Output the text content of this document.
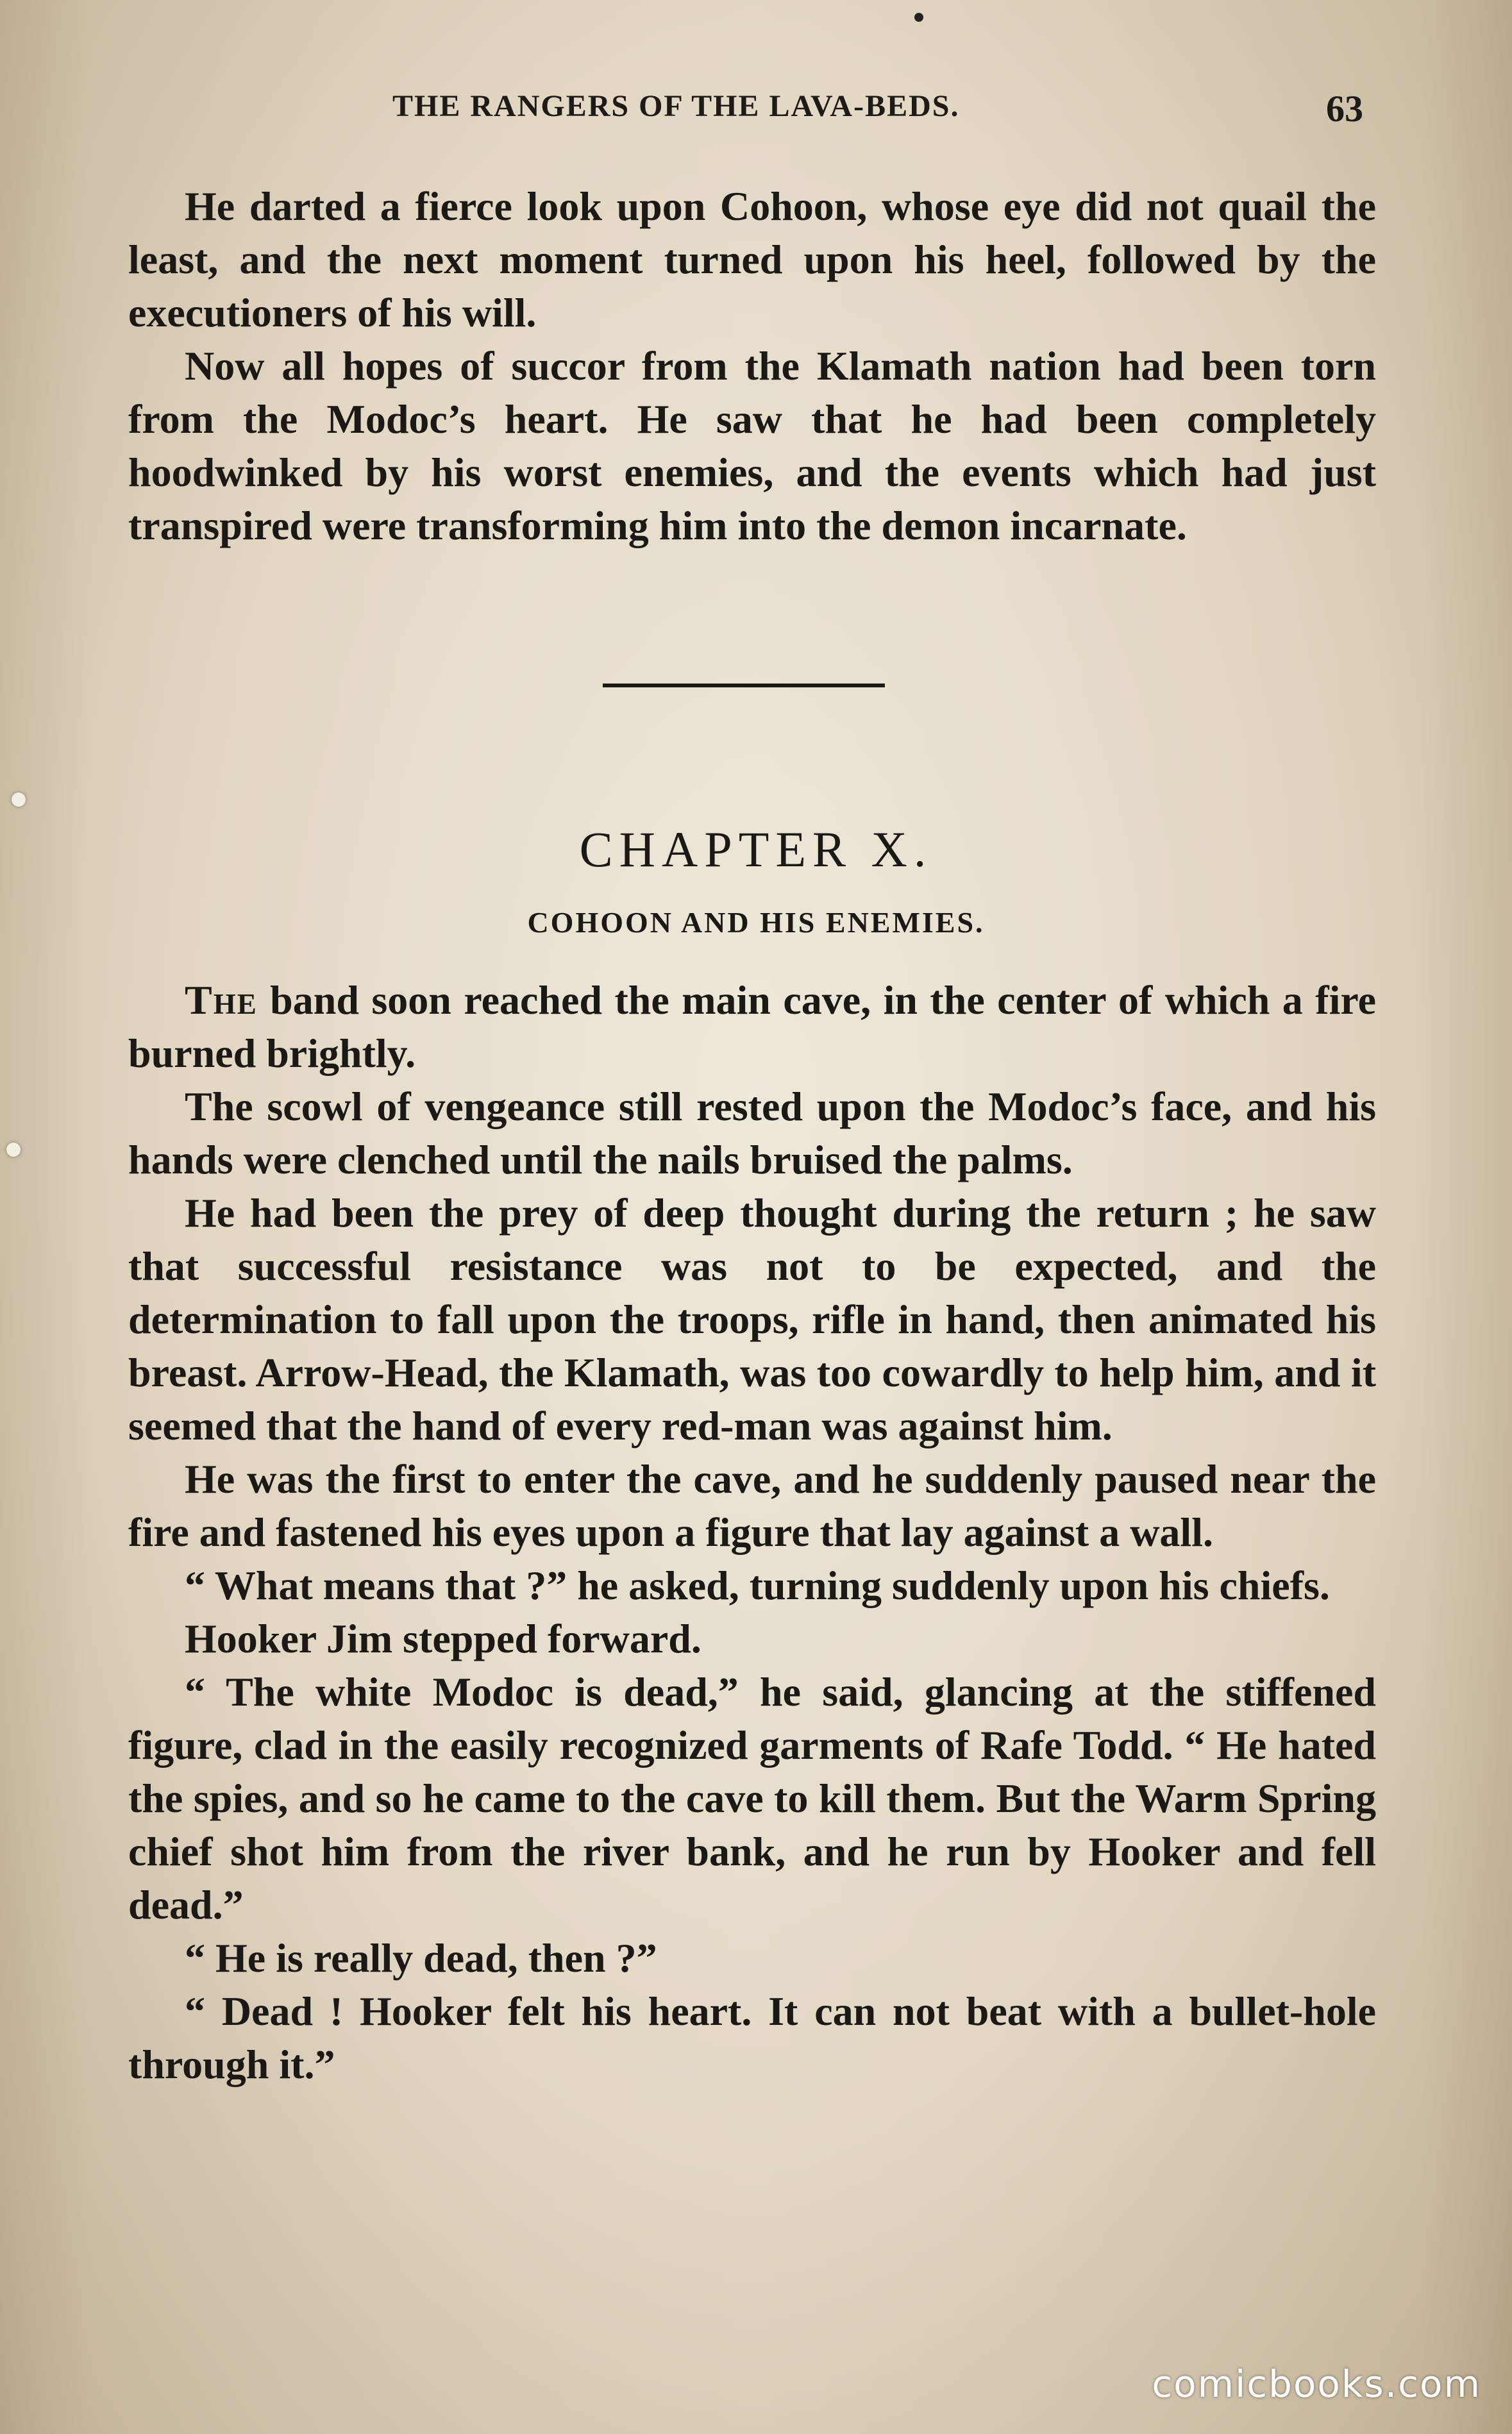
THE RANGERS OF THE LAVA-BEDS.	63

He darted a fierce look upon Cohoon, whose eye did not quail the least, and the next moment turned upon his heel, followed by the executioners of his will.

Now all hopes of succor from the Klamath nation had been torn from the Modoc’s heart. He saw that he had been completely hoodwinked by his worst enemies, and the events which had just transpired were transforming him into the demon incarnate.

CHAPTER X.
COHOON AND HIS ENEMIES.

The band soon reached the main cave, in the center of which a fire burned brightly.

The scowl of vengeance still rested upon the Modoc’s face, and his hands were clenched until the nails bruised the palms.

He had been the prey of deep thought during the return ; he saw that successful resistance was not to be expected, and the determination to fall upon the troops, rifle in hand, then animated his breast. Arrow-Head, the Klamath, was too cowardly to help him, and it seemed that the hand of every red-man was against him.

He was the first to enter the cave, and he suddenly paused near the fire and fastened his eyes upon a figure that lay against a wall.

“ What means that ?” he asked, turning suddenly upon his chiefs.

Hooker Jim stepped forward.

“ The white Modoc is dead,” he said, glancing at the stiffened figure, clad in the easily recognized garments of Rafe Todd. “ He hated the spies, and so he came to the cave to kill them. But the Warm Spring chief shot him from the river bank, and he run by Hooker and fell dead.”

“ He is really dead, then ?”

“ Dead ! Hooker felt his heart. It can not beat with a bullet-hole through it.”

comicbooks.com
